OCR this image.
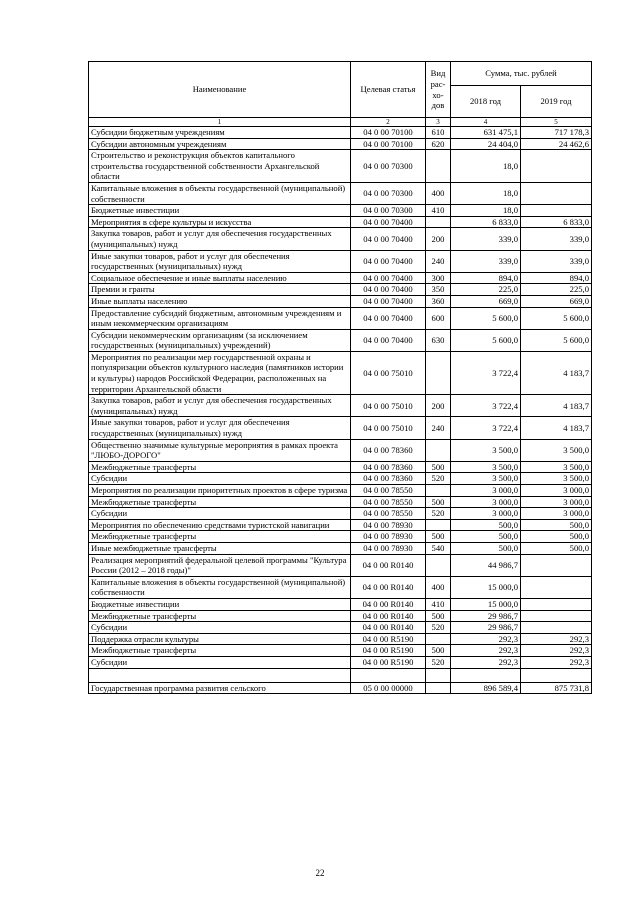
Наименование	Целевая статья	Вид рас-хо-дов	Сумма, тыс. рублей	
			2018 год	2019 год
1	2	3	4	5
Субсидии бюджетным учреждениям	04 0 00 70100	610	631 475,1	717 178,3
Субсидии автономным учреждениям	04 0 00 70100	620	24 404,0	24 462,6
Строительство и реконструкция объектов капитального строительства государственной собственности Архангельской области	04 0 00 70300		18,0	
Капитальные вложения в объекты государственной (муниципальной) собственности	04 0 00 70300	400	18,0	
Бюджетные инвестиции	04 0 00 70300	410	18,0	
Мероприятия в сфере культуры и искусства	04 0 00 70400		6 833,0	6 833,0
Закупка товаров, работ и услуг для обеспечения государственных (муниципальных) нужд	04 0 00 70400	200	339,0	339,0
Иные закупки товаров, работ и услуг для обеспечения государственных (муниципальных) нужд	04 0 00 70400	240	339,0	339,0
Социальное обеспечение и иные выплаты населению	04 0 00 70400	300	894,0	894,0
Премии и гранты	04 0 00 70400	350	225,0	225,0
Иные выплаты населению	04 0 00 70400	360	669,0	669,0
Предоставление субсидий бюджетным, автономным учреждениям и иным некоммерческим организациям	04 0 00 70400	600	5 600,0	5 600,0
Субсидии некоммерческим организациям (за исключением государственных (муниципальных) учреждений)	04 0 00 70400	630	5 600,0	5 600,0
Мероприятия по реализации мер государственной охраны и популяризации объектов культурного наследия (памятников истории и культуры) народов Российской Федерации, расположенных на территории Архангельской области	04 0 00 75010		3 722,4	4 183,7
Закупка товаров, работ и услуг для обеспечения государственных (муниципальных) нужд	04 0 00 75010	200	3 722,4	4 183,7
Иные закупки товаров, работ и услуг для обеспечения государственных (муниципальных) нужд	04 0 00 75010	240	3 722,4	4 183,7
Общественно значимые культурные мероприятия в рамках проекта "ЛЮБО-ДОРОГО"	04 0 00 78360		3 500,0	3 500,0
Межбюджетные трансферты	04 0 00 78360	500	3 500,0	3 500,0
Субсидии	04 0 00 78360	520	3 500,0	3 500,0
Мероприятия по реализации приоритетных проектов в сфере туризма	04 0 00 78550		3 000,0	3 000,0
Межбюджетные трансферты	04 0 00 78550	500	3 000,0	3 000,0
Субсидии	04 0 00 78550	520	3 000,0	3 000,0
Мероприятия по обеспечению средствами туристской навигации	04 0 00 78930		500,0	500,0
Межбюджетные трансферты	04 0 00 78930	500	500,0	500,0
Иные межбюджетные трансферты	04 0 00 78930	540	500,0	500,0
Реализация мероприятий федеральной целевой программы "Культура России (2012 – 2018 годы)"	04 0 00 R0140		44 986,7	
Капитальные вложения в объекты государственной (муниципальной) собственности	04 0 00 R0140	400	15 000,0	
Бюджетные инвестиции	04 0 00 R0140	410	15 000,0	
Межбюджетные трансферты	04 0 00 R0140	500	29 986,7	
Субсидии	04 0 00 R0140	520	29 986,7	
Поддержка отрасли культуры	04 0 00 R5190		292,3	292,3
Межбюджетные трансферты	04 0 00 R5190	500	292,3	292,3
Субсидии	04 0 00 R5190	520	292,3	292,3

Государственная программа развития сельского	05 0 00 00000		896 589,4	875 731,8
22
